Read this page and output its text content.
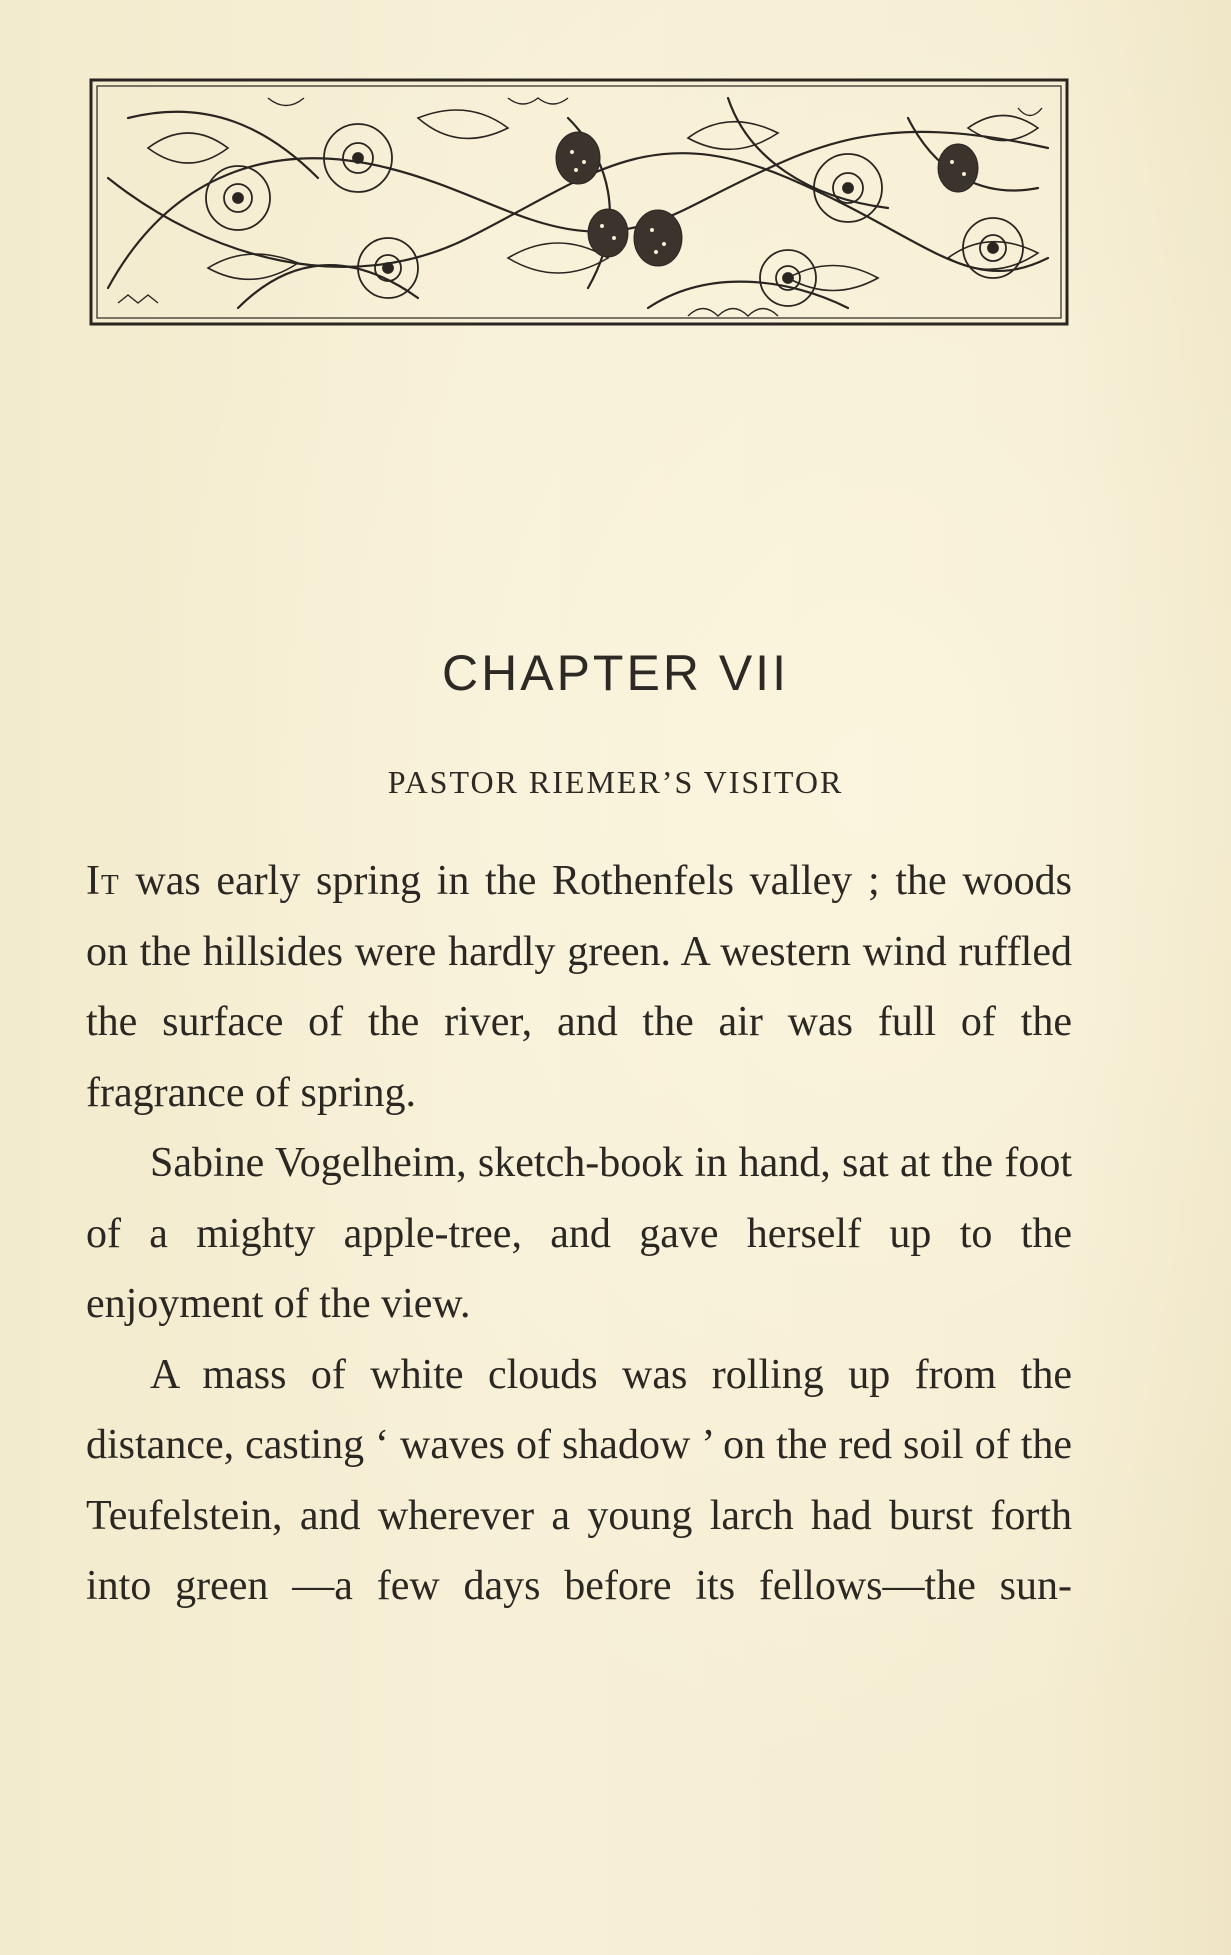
CHAPTER VII
PASTOR RIEMER’S VISITOR

It was early spring in the Rothenfels valley ; the woods on the hillsides were hardly green. A western wind ruffled the surface of the river, and the air was full of the fragrance of spring.

Sabine Vogelheim, sketch-book in hand, sat at the foot of a mighty apple-tree, and gave herself up to the enjoyment of the view.

A mass of white clouds was rolling up from the distance, casting ‘ waves of shadow ’ on the red soil of the Teufelstein, and wherever a young larch had burst forth into green —a few days before its fellows—the sun-
